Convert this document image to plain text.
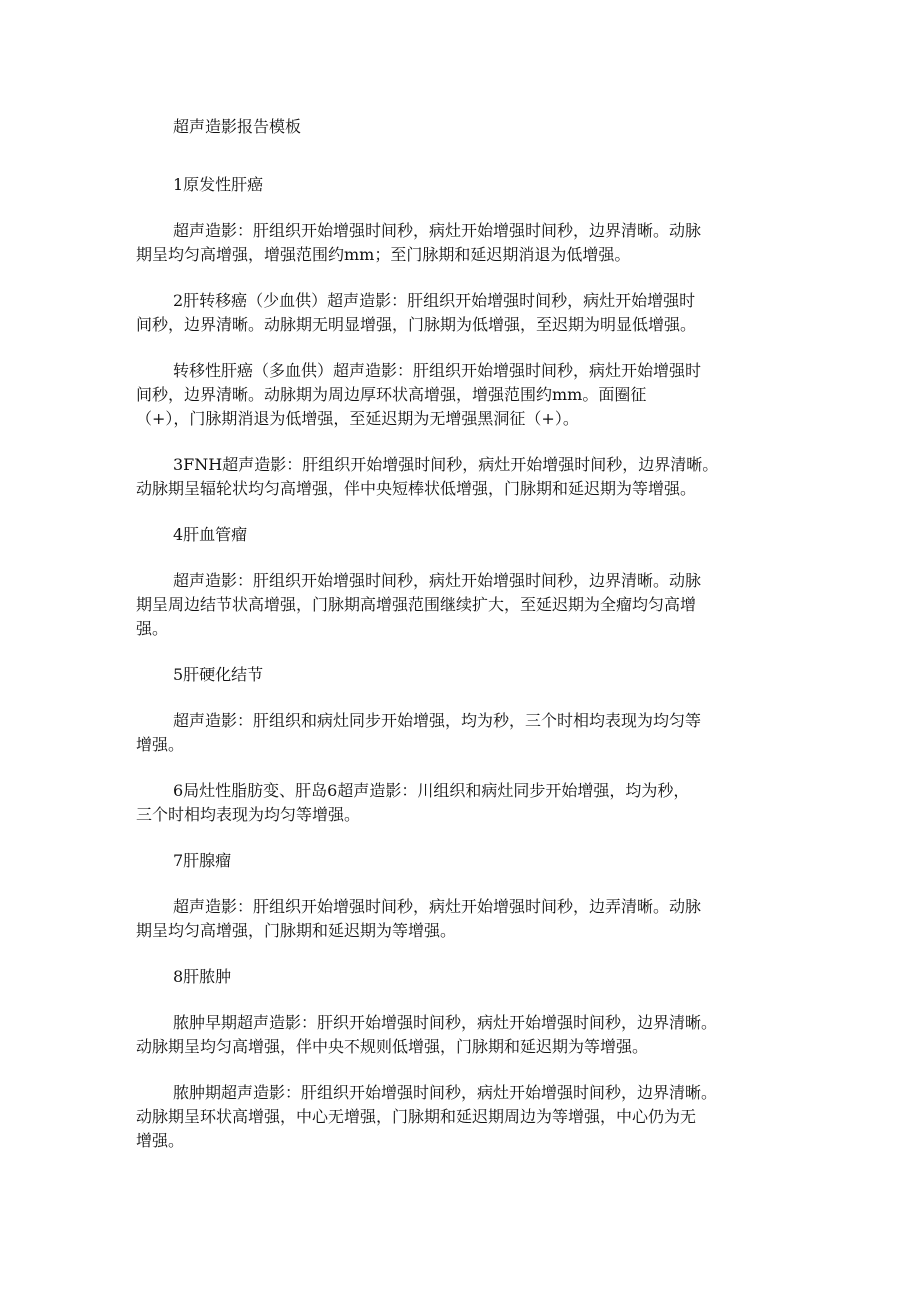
超声造影报告模板

1原发性肝癌

超声造影：肝组织开始增强时间秒，病灶开始增强时间秒，边界清晰。动脉

期呈均匀高增强，增强范围约mm；至门脉期和延迟期消退为低增强。

2肝转移癌（少血供）超声造影：肝组织开始增强时间秒，病灶开始增强时

间秒，边界清晰。动脉期无明显增强，门脉期为低增强，至迟期为明显低增强。

转移性肝癌（多血供）超声造影：肝组织开始增强时间秒，病灶开始增强时

间秒，边界清晰。动脉期为周边厚环状高增强，增强范围约mm。面圈征

（+），门脉期消退为低增强，至延迟期为无增强黑洞征（+）。

3FNH超声造影：肝组织开始增强时间秒，病灶开始增强时间秒，边界清晰。

动脉期呈辐轮状均匀高增强，伴中央短棒状低增强，门脉期和延迟期为等增强。

4肝血管瘤

超声造影：肝组织开始增强时间秒，病灶开始增强时间秒，边界清晰。动脉

期呈周边结节状高增强，门脉期高增强范围继续扩大，至延迟期为全瘤均匀高增

强。

5肝硬化结节

超声造影：肝组织和病灶同步开始增强，均为秒，三个时相均表现为均匀等

增强。

6局灶性脂肪变、肝岛6超声造影：川组织和病灶同步开始增强，均为秒，

三个时相均表现为均匀等增强。

7肝腺瘤

超声造影：肝组织开始增强时间秒，病灶开始增强时间秒，边弄清晰。动脉

期呈均匀高增强，门脉期和延迟期为等增强。

8肝脓肿

脓肿早期超声造影：肝织开始增强时间秒，病灶开始增强时间秒，边界清晰。

动脉期呈均匀高增强，伴中央不规则低增强，门脉期和延迟期为等增强。

脓肿期超声造影：肝组织开始增强时间秒，病灶开始增强时间秒，边界清晰。

动脉期呈环状高增强，中心无增强，门脉期和延迟期周边为等增强，中心仍为无

增强。
